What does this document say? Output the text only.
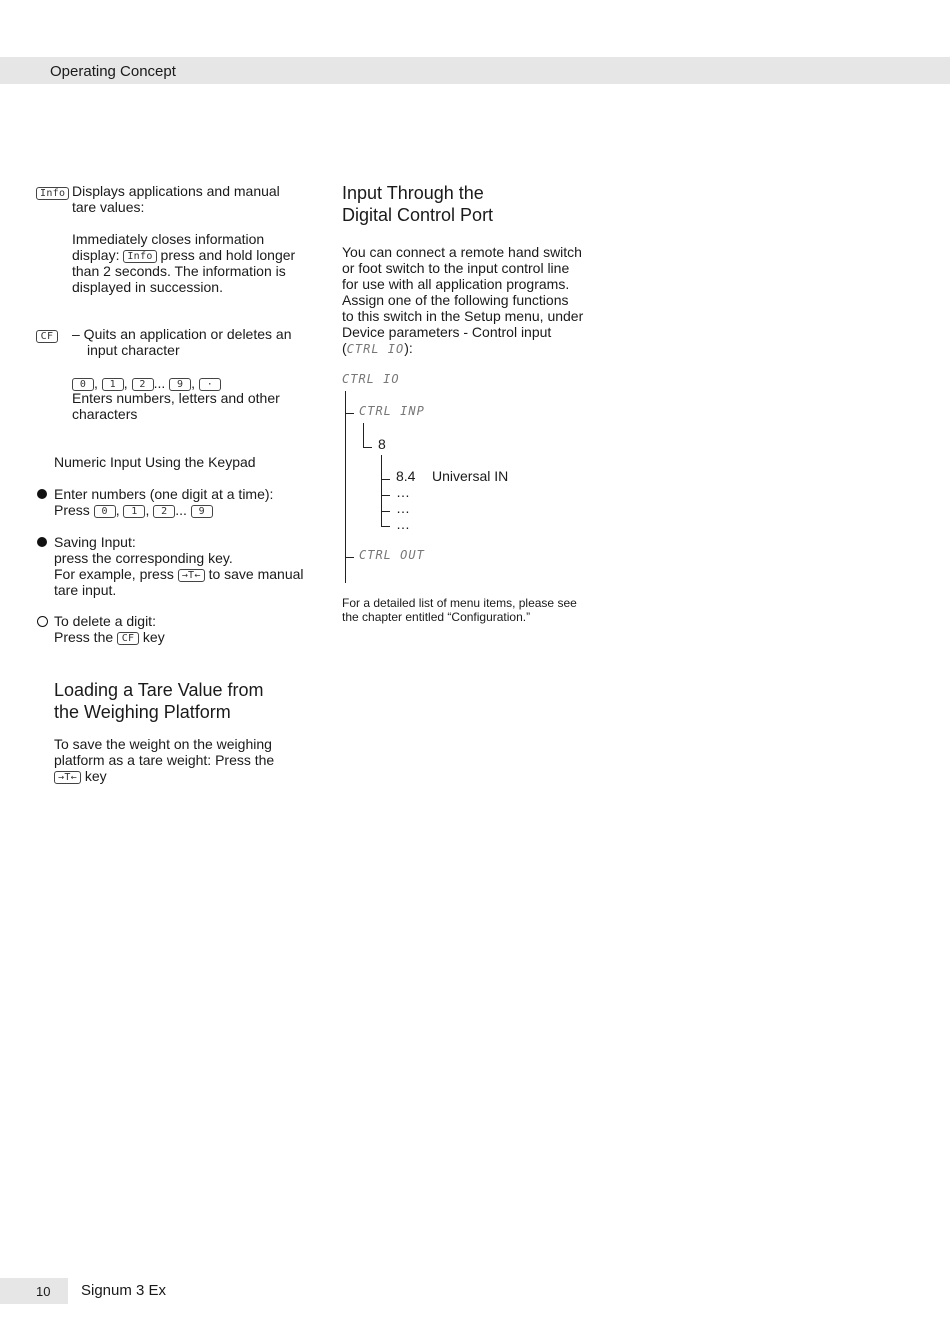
Operating Concept
Info Displays applications and manual
tare values:
Immediately closes information
display: Info press and hold longer
than 2 seconds. The information is
displayed in succession.
CF	– Quits an application or deletes an
input character
0 , 1 , 2 ... 9 , ·
Enters numbers, letters and other
characters
Numeric Input Using the Keypad
Enter numbers (one digit at a time):
Press 0 , 1 , 2 ... 9
Saving Input:
press the corresponding key.
For example, press →T← to save manual
tare input.
To delete a digit:
Press the CF key
Loading a Tare Value from
the Weighing Platform
To save the weight on the weighing
platform as a tare weight: Press the
→T← key
Input Through the
Digital Control Port
You can connect a remote hand switch
or foot switch to the input control line
for use with all application programs.
Assign one of the following functions
to this switch in the Setup menu, under
Device parameters - Control input
(CTRL IO):
CTRL IO
CTRL INP
8
8.4 Universal IN
…
…
…
CTRL OUT
For a detailed list of menu items, please see
the chapter entitled “Configuration.”
10 Signum 3 Ex
